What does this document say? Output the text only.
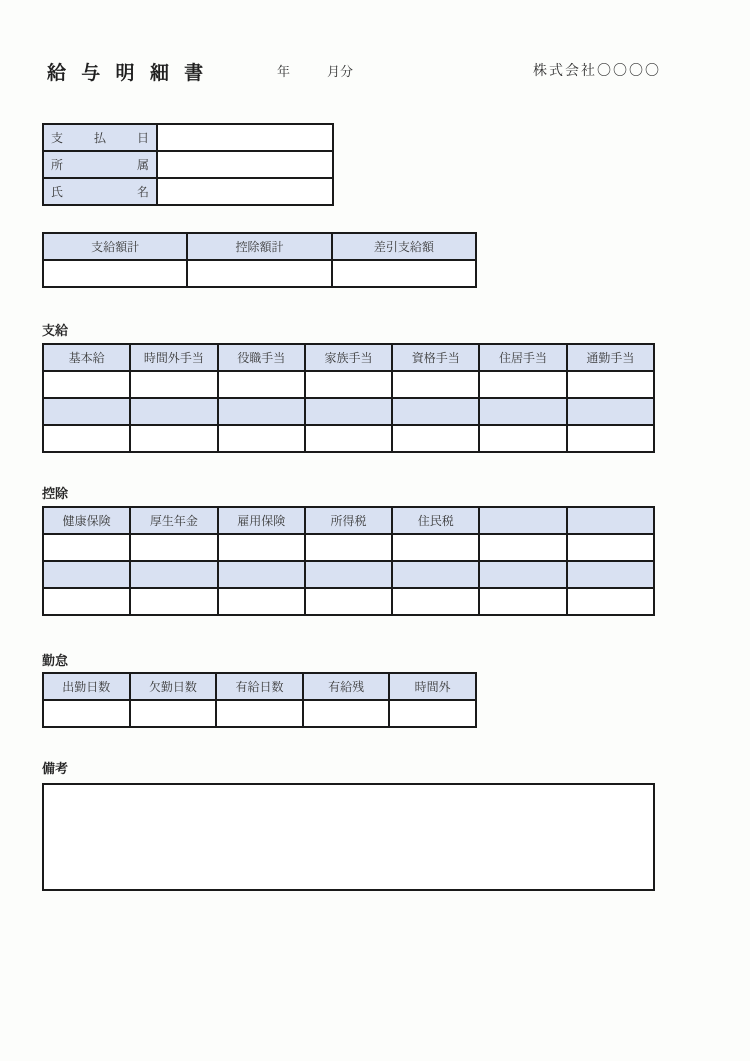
給 与 明 細 書	年	月分	株式会社〇〇〇〇
支 払 日	

所 属	

氏 名	

支給額計	控除額計	差引支給額

支給

基本給	時間外手当	役職手当	家族手当	資格手当	住居手当	通勤手当

控除

健康保険	厚生年金	雇用保険	所得税	住民税		

勤怠

出勤日数	欠勤日数	有給日数	有給残	時間外

備考
